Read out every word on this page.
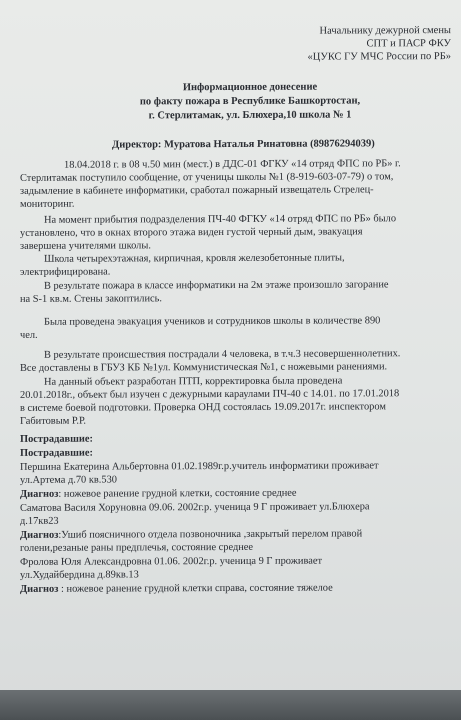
Начальнику дежурной смены
СПТ и ПАСР ФКУ
«ЦУКС ГУ МЧС России по РБ»
Информационное донесение
по факту пожара в Республике Башкортостан,
г. Стерлитамак, ул. Блюхера,10 школа № 1
Директор: Муратова Наталья Ринатовна (89876294039)
18.04.2018 г. в 08 ч.50 мин (мест.) в ДДС-01 ФГКУ «14 отряд ФПС по РБ» г.
Стерлитамак поступило сообщение, от ученицы школы №1 (8-919-603-07-79) о том,
задымление в кабинете информатики, сработал пожарный извещатель Стрелец-
мониторинг.
На момент прибытия подразделения ПЧ-40 ФГКУ «14 отряд ФПС по РБ» было
установлено, что в окнах второго этажа виден густой черный дым, эвакуация
завершена учителями школы.
Школа четырехэтажная, кирпичная, кровля железобетонные плиты,
электрифицирована.
В результате пожара в классе информатики на 2м этаже произошло загорание
на S-1 кв.м. Стены закоптились.
Была проведена эвакуация учеников и сотрудников школы в количестве 890
чел.
В результате происшествия пострадали 4 человека, в т.ч.3 несовершеннолетних.
Все доставлены в ГБУЗ КБ №1ул. Коммунистическая №1, с ножевыми ранениями.
На данный объект разработан ПТП, корректировка была проведена
20.01.2018г., объект был изучен с дежурными караулами ПЧ-40 с 14.01. по 17.01.2018
в системе боевой подготовки. Проверка ОНД состоялась 19.09.2017г. инспектором
Габитовым Р.Р.
Пострадавшие:
Пострадавшие:
Першина Екатерина Альбертовна 01.02.1989г.р.учитель информатики проживает
ул.Артема д.70 кв.530
Диагноз: ножевое ранение грудной клетки, состояние среднее
Саматова Василя Хоруновна 09.06. 2002г.р. ученица 9 Г проживает ул.Блюхера
д.17кв23
Диагноз:Ушиб поясничного отдела позвоночника ,закрытый перелом правой
голени,резаные раны предплечья, состояние среднее
Фролова Юля Александровна 01.06. 2002г.р. ученица 9 Г проживает
ул.Худайбердина д.89кв.13
Диагноз : ножевое ранение грудной клетки справа, состояние тяжелое
